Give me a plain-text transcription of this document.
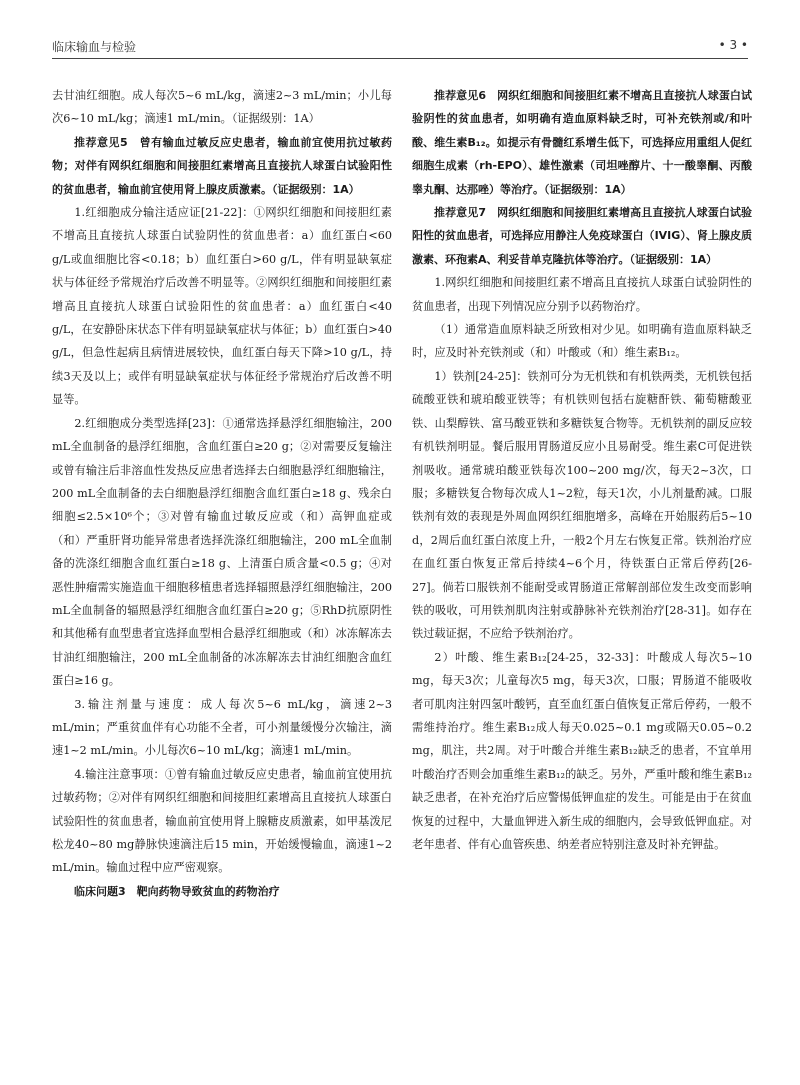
临床输血与检验	• 3 •

去甘油红细胞。成人每次5~6 mL/kg，滴速2~3 mL/min；小儿每次6~10 mL/kg；滴速1 mL/min。（证据级别：1A）

推荐意见5　曾有输血过敏反应史患者，输血前宜使用抗过敏药物；对伴有网织红细胞和间接胆红素增高且直接抗人球蛋白试验阳性的贫血患者，输血前宜使用肾上腺皮质激素。（证据级别：1A）

1.红细胞成分输注适应证[21-22]：①网织红细胞和间接胆红素不增高且直接抗人球蛋白试验阴性的贫血患者：a）血红蛋白<60 g/L或血细胞比容<0.18；b）血红蛋白>60 g/L，伴有明显缺氧症状与体征经予常规治疗后改善不明显等。②网织红细胞和间接胆红素增高且直接抗人球蛋白试验阳性的贫血患者：a）血红蛋白<40 g/L，在安静卧床状态下伴有明显缺氧症状与体征；b）血红蛋白>40 g/L，但急性起病且病情进展较快，血红蛋白每天下降>10 g/L，持续3天及以上；或伴有明显缺氧症状与体征经予常规治疗后改善不明显等。

2.红细胞成分类型选择[23]：①通常选择悬浮红细胞输注，200 mL全血制备的悬浮红细胞，含血红蛋白≥20 g；②对需要反复输注或曾有输注后非溶血性发热反应患者选择去白细胞悬浮红细胞输注，200 mL全血制备的去白细胞悬浮红细胞含血红蛋白≥18 g、残余白细胞≤2.5×10⁶个；③对曾有输血过敏反应或（和）高钾血症或（和）严重肝肾功能异常患者选择洗涤红细胞输注，200 mL全血制备的洗涤红细胞含血红蛋白≥18 g、上清蛋白质含量<0.5 g；④对恶性肿瘤需实施造血干细胞移植患者选择辐照悬浮红细胞输注，200 mL全血制备的辐照悬浮红细胞含血红蛋白≥20 g；⑤RhD抗原阴性和其他稀有血型患者宜选择血型相合悬浮红细胞或（和）冰冻解冻去甘油红细胞输注，200 mL全血制备的冰冻解冻去甘油红细胞含血红蛋白≥16 g。

3.输注剂量与速度：成人每次5~6 mL/kg，滴速2~3 mL/min；严重贫血伴有心功能不全者，可小剂量缓慢分次输注，滴速1~2 mL/min。小儿每次6~10 mL/kg；滴速1 mL/min。

4.输注注意事项：①曾有输血过敏反应史患者，输血前宜使用抗过敏药物；②对伴有网织红细胞和间接胆红素增高且直接抗人球蛋白试验阳性的贫血患者，输血前宜使用肾上腺糖皮质激素，如甲基泼尼松龙40~80 mg静脉快速滴注后15 min，开始缓慢输血，滴速1~2 mL/min。输血过程中应严密观察。

临床问题3　靶向药物导致贫血的药物治疗

推荐意见6　网织红细胞和间接胆红素不增高且直接抗人球蛋白试验阴性的贫血患者，如明确有造血原料缺乏时，可补充铁剂或/和叶酸、维生素B₁₂。如提示有骨髓红系增生低下，可选择应用重组人促红细胞生成素（rh-EPO）、雄性激素（司坦唑醇片、十一酸睾酮、丙酸睾丸酮、达那唑）等治疗。（证据级别：1A）

推荐意见7　网织红细胞和间接胆红素增高且直接抗人球蛋白试验阳性的贫血患者，可选择应用静注人免疫球蛋白（IVIG）、肾上腺皮质激素、环孢素A、利妥昔单克隆抗体等治疗。（证据级别：1A）

1.网织红细胞和间接胆红素不增高且直接抗人球蛋白试验阴性的贫血患者，出现下列情况应分别予以药物治疗。

（1）通常造血原料缺乏所致相对少见。如明确有造血原料缺乏时，应及时补充铁剂或（和）叶酸或（和）维生素B₁₂。

1）铁剂[24-25]：铁剂可分为无机铁和有机铁两类，无机铁包括硫酸亚铁和琥珀酸亚铁等；有机铁则包括右旋糖酐铁、葡萄糖酸亚铁、山梨醇铁、富马酸亚铁和多糖铁复合物等。无机铁剂的副反应较有机铁剂明显。餐后服用胃肠道反应小且易耐受。维生素C可促进铁剂吸收。通常琥珀酸亚铁每次100~200 mg/次，每天2~3次，口服；多糖铁复合物每次成人1~2粒，每天1次，小儿剂量酌减。口服铁剂有效的表现是外周血网织红细胞增多，高峰在开始服药后5~10 d，2周后血红蛋白浓度上升，一般2个月左右恢复正常。铁剂治疗应在血红蛋白恢复正常后持续4~6个月，待铁蛋白正常后停药[26-27]。倘若口服铁剂不能耐受或胃肠道正常解剖部位发生改变而影响铁的吸收，可用铁剂肌肉注射或静脉补充铁剂治疗[28-31]。如存在铁过载证据，不应给予铁剂治疗。

2）叶酸、维生素B₁₂[24-25，32-33]：叶酸成人每次5~10 mg，每天3次；儿童每次5 mg，每天3次，口服；胃肠道不能吸收者可肌肉注射四氢叶酸钙，直至血红蛋白值恢复正常后停药，一般不需维持治疗。维生素B₁₂成人每天0.025~0.1 mg或隔天0.05~0.2 mg，肌注，共2周。对于叶酸合并维生素B₁₂缺乏的患者，不宜单用叶酸治疗否则会加重维生素B₁₂的缺乏。另外，严重叶酸和维生素B₁₂缺乏患者，在补充治疗后应警惕低钾血症的发生。可能是由于在贫血恢复的过程中，大量血钾进入新生成的细胞内，会导致低钾血症。对老年患者、伴有心血管疾患、纳差者应特别注意及时补充钾盐。
